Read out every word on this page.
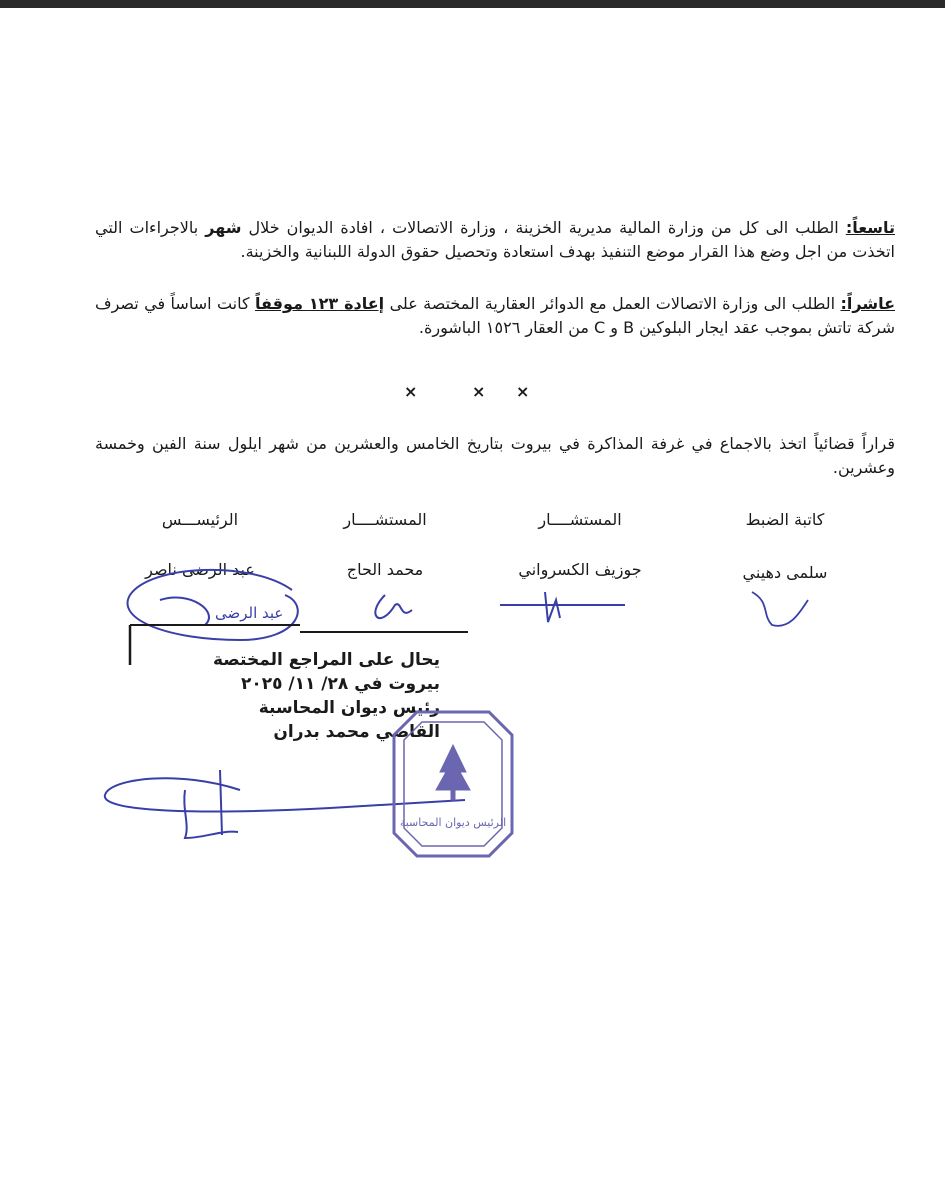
تاسعاً: الطلب الى كل من وزارة المالية مديرية الخزينة ، وزارة الاتصالات ، افادة الديوان خلال شهر بالاجراءات التي اتخذت من اجل وضع هذا القرار موضع التنفيذ بهدف استعادة وتحصيل حقوق الدولة اللبنانية والخزينة.
عاشراً: الطلب الى وزارة الاتصالات العمل مع الدوائر العقارية المختصة على إعادة ١٢٣ موقفاً كانت اساساً في تصرف شركة تاتش بموجب عقد ايجار البلوكين B و C من العقار ١٥٢٦ الباشورة.
×	× ×
قراراً قضائياً اتخذ بالاجماع في غرفة المذاكرة في بيروت بتاريخ الخامس والعشرين من شهر ايلول سنة الفين وخمسة وعشرين.
كاتبة الضبط
المستشــــار
المستشــــار
الرئيســـس
سلمى دهيني
جوزيف الكسرواني
محمد الحاج
عبد الرضى ناصر
يحال على المراجع المختصة
بيروت في ٢٨/ ١١/ ٢٠٢٥
رئيس ديوان المحاسبة
القاضي محمد بدران
عبد الرضى
الرئيس ديوان المحاسبة
